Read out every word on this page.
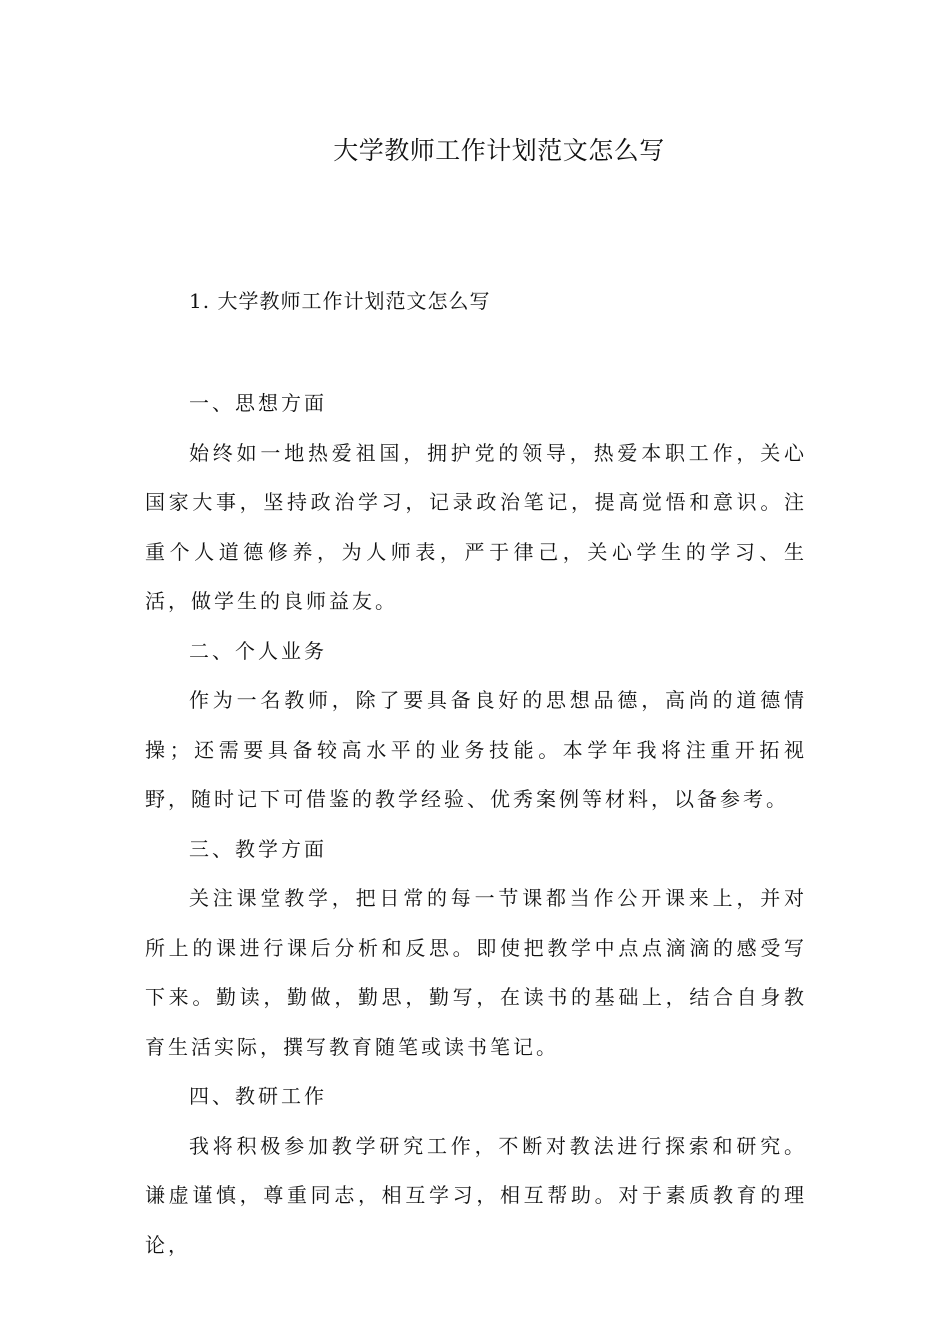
大学教师工作计划范文怎么写

1. 大学教师工作计划范文怎么写

一、思想方面

始终如一地热爱祖国，拥护党的领导，热爱本职工作，关心国家大事，坚持政治学习，记录政治笔记，提高觉悟和意识。注重个人道德修养，为人师表，严于律己，关心学生的学习、生活，做学生的良师益友。

二、个人业务

作为一名教师，除了要具备良好的思想品德，高尚的道德情操；还需要具备较高水平的业务技能。本学年我将注重开拓视野，随时记下可借鉴的教学经验、优秀案例等材料，以备参考。

三、教学方面

关注课堂教学，把日常的每一节课都当作公开课来上，并对所上的课进行课后分析和反思。即使把教学中点点滴滴的感受写下来。勤读，勤做，勤思，勤写，在读书的基础上，结合自身教育生活实际，撰写教育随笔或读书笔记。

四、教研工作

我将积极参加教学研究工作，不断对教法进行探索和研究。谦虚谨慎，尊重同志，相互学习，相互帮助。对于素质教育的理论，
